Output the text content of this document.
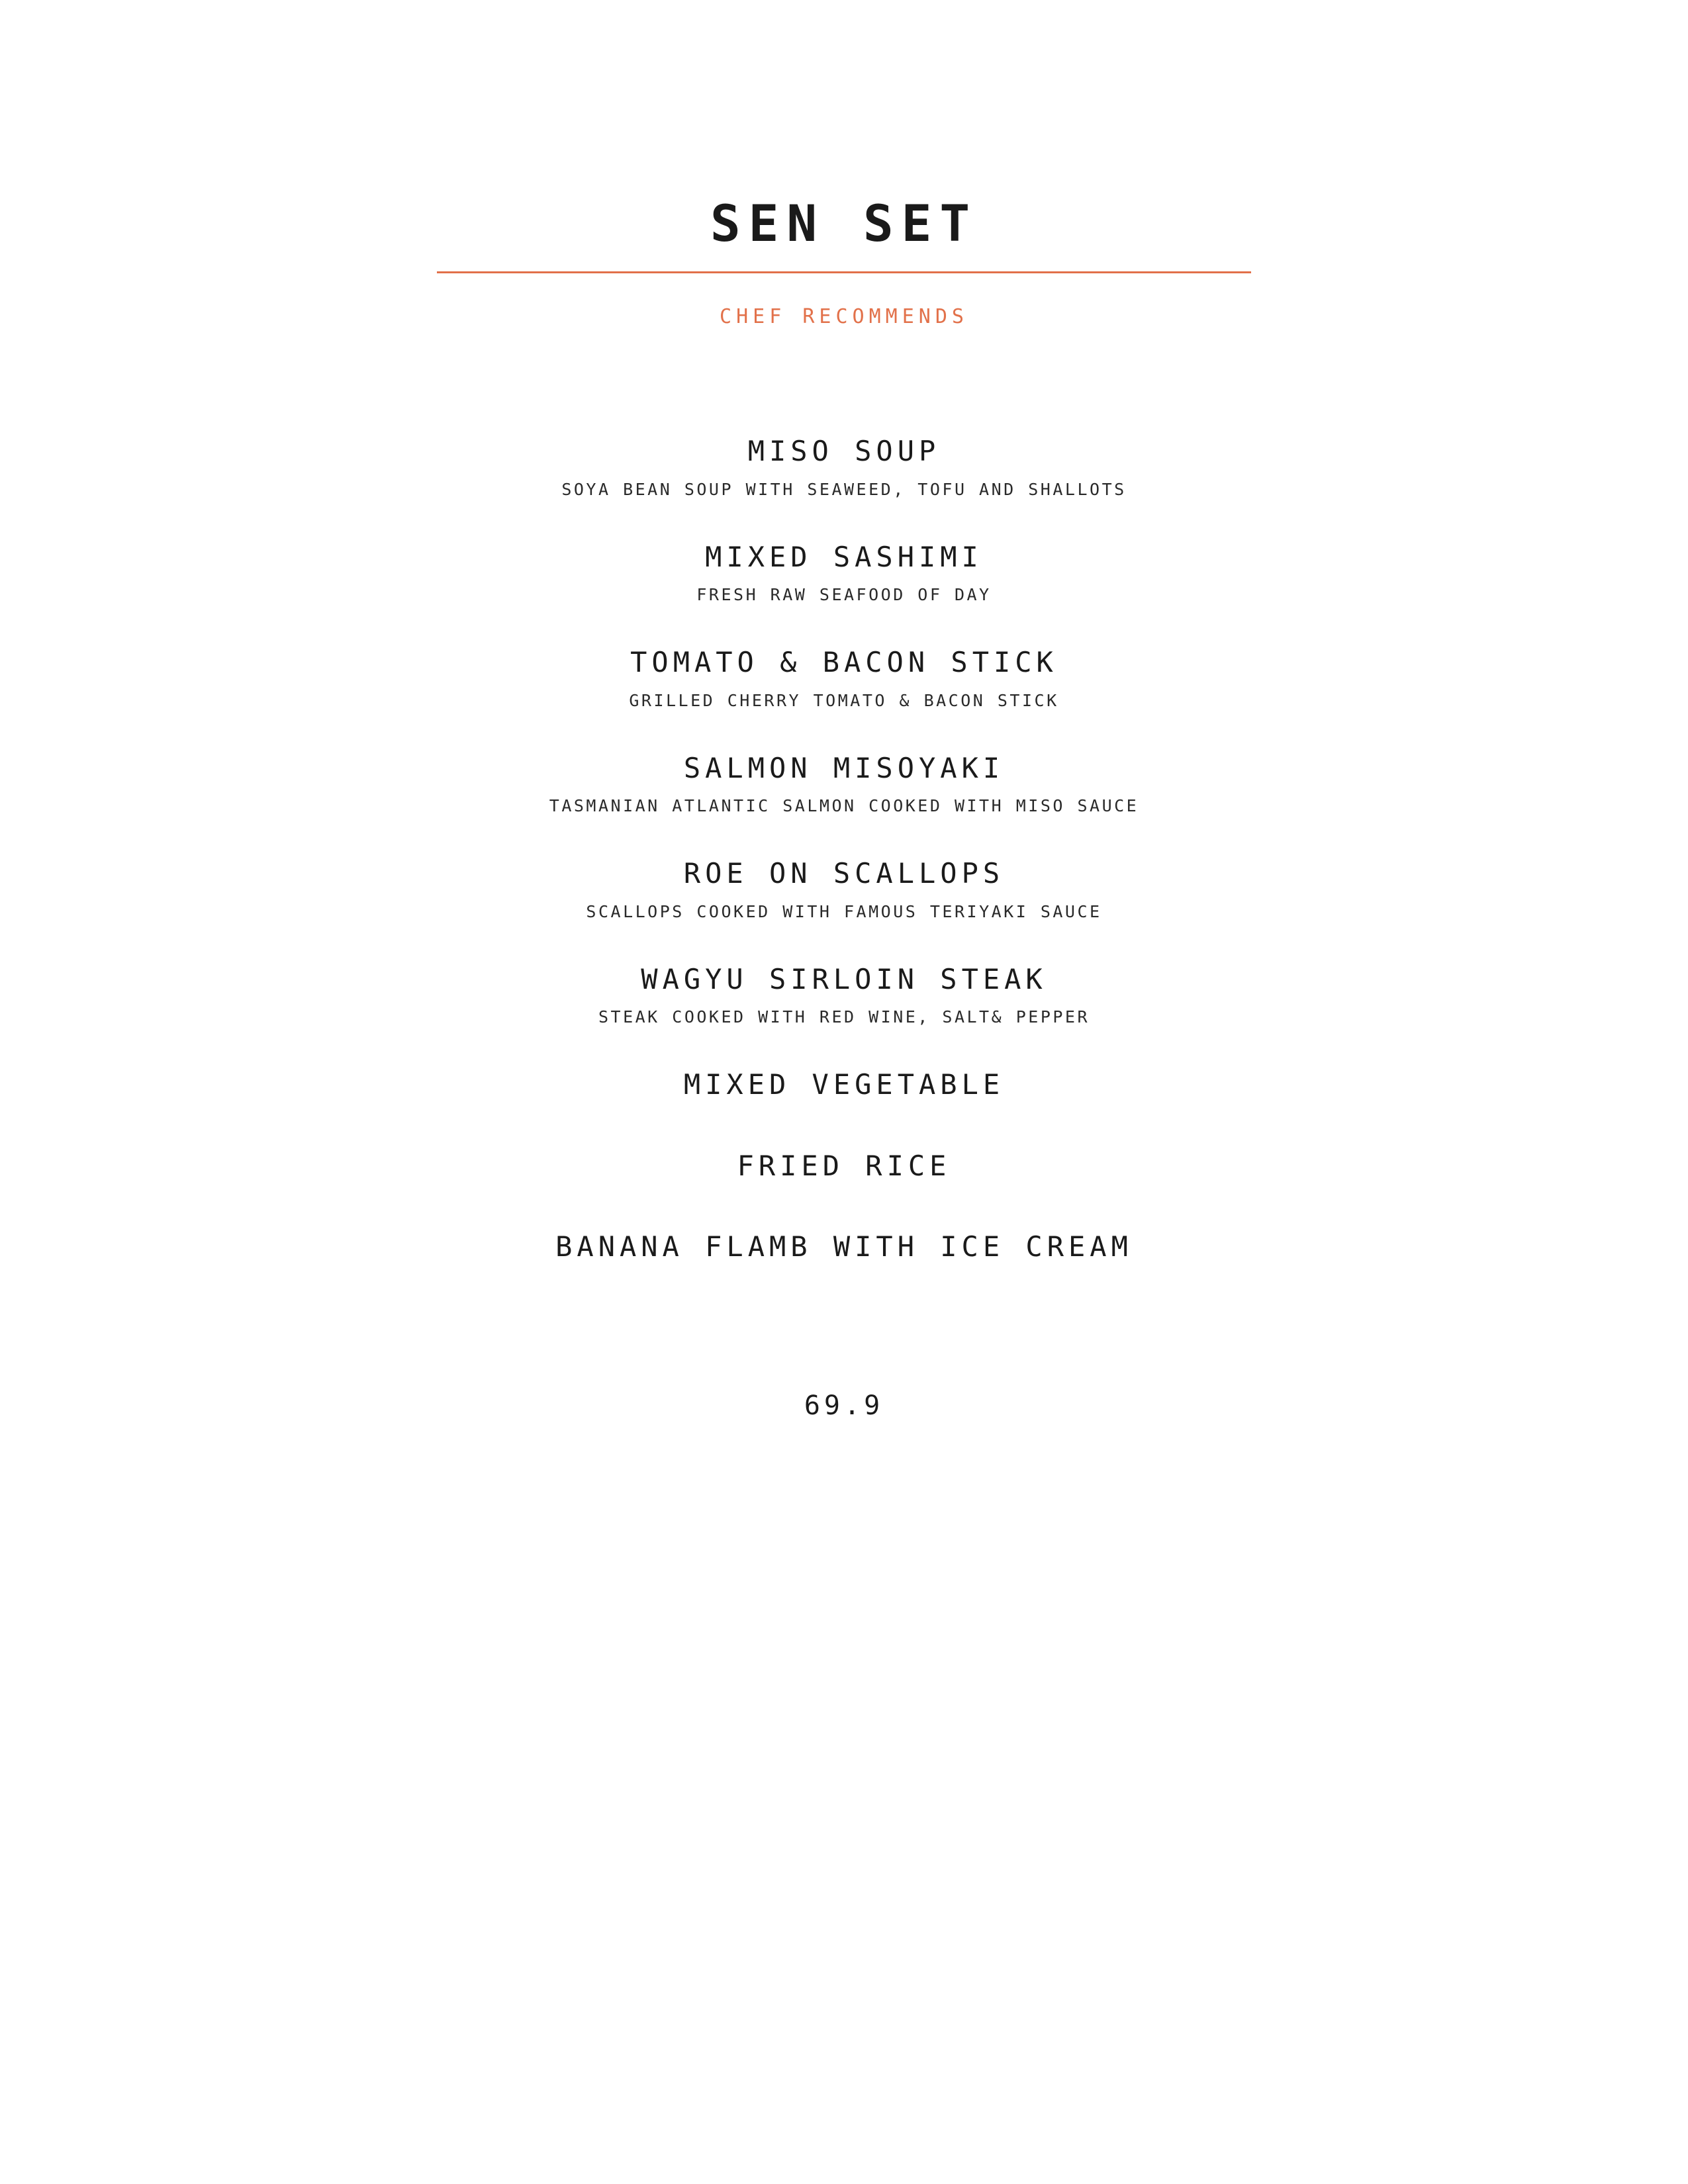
SEN SET
CHEF RECOMMENDS
MISO SOUP
SOYA BEAN SOUP WITH SEAWEED, TOFU AND SHALLOTS
MIXED SASHIMI
FRESH RAW SEAFOOD OF DAY
TOMATO & BACON STICK
GRILLED CHERRY TOMATO & BACON STICK
SALMON MISOYAKI
TASMANIAN ATLANTIC SALMON COOKED WITH MISO SAUCE
ROE ON SCALLOPS
SCALLOPS COOKED WITH FAMOUS TERIYAKI SAUCE
WAGYU SIRLOIN STEAK
STEAK COOKED WITH RED WINE, SALT& PEPPER
MIXED VEGETABLE
FRIED RICE
BANANA FLAMB WITH ICE CREAM
69.9
